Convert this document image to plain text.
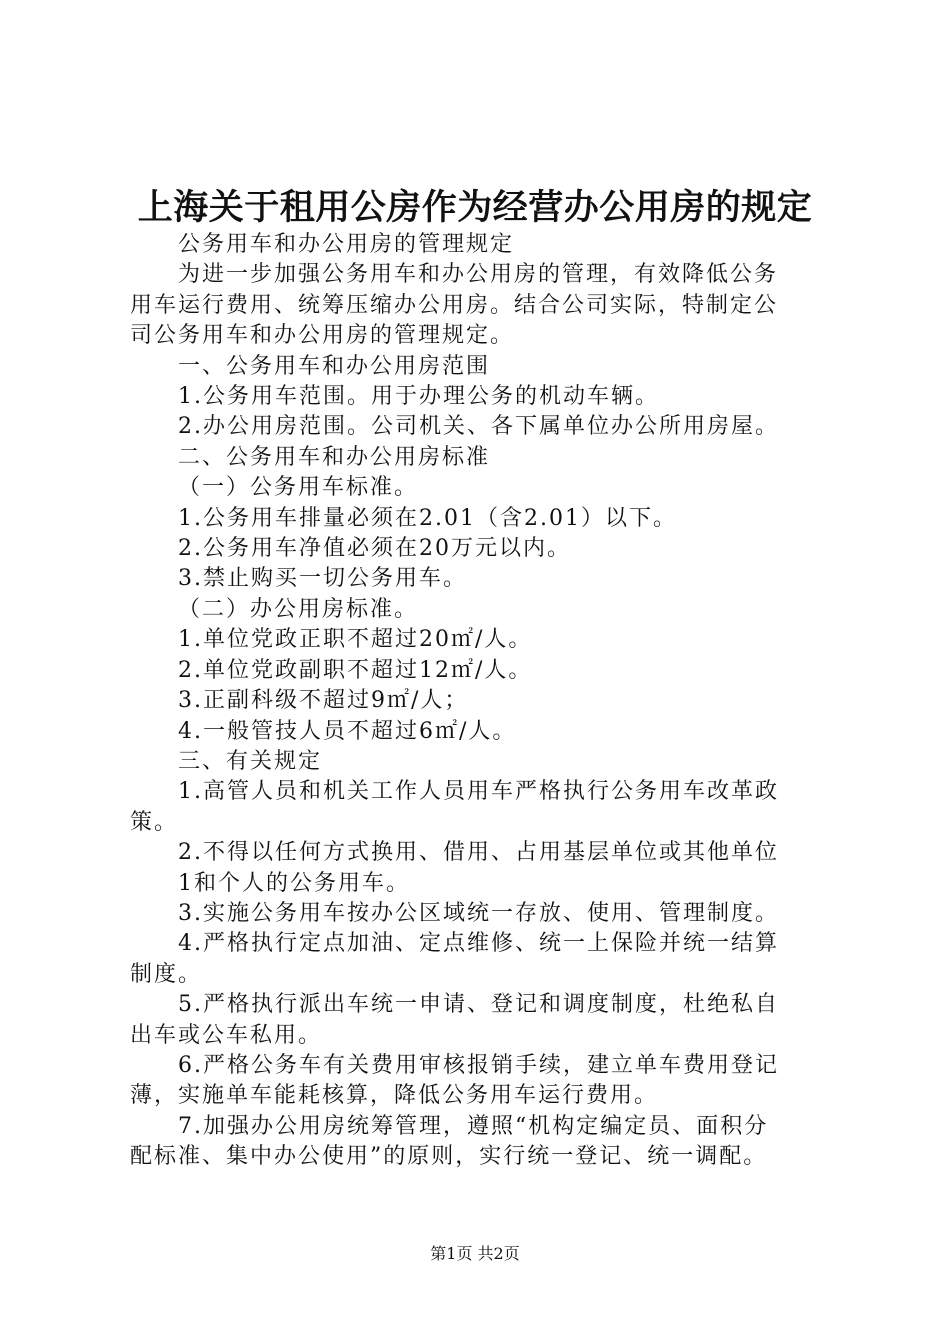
上海关于租用公房作为经营办公用房的规定

公务用车和办公用房的管理规定

为进一步加强公务用车和办公用房的管理，有效降低公务

用车运行费用、统筹压缩办公用房。结合公司实际，特制定公

司公务用车和办公用房的管理规定。

一、公务用车和办公用房范围

1.公务用车范围。用于办理公务的机动车辆。

2.办公用房范围。公司机关、各下属单位办公所用房屋。

二、公务用车和办公用房标准

（一）公务用车标准。

1.公务用车排量必须在2.01（含2.01）以下。

2.公务用车净值必须在20万元以内。

3.禁止购买一切公务用车。

（二）办公用房标准。

1.单位党政正职不超过20㎡/人。

2.单位党政副职不超过12㎡/人。

3.正副科级不超过9㎡/人；

4.一般管技人员不超过6㎡/人。

三、有关规定

1.高管人员和机关工作人员用车严格执行公务用车改革政

策。

2.不得以任何方式换用、借用、占用基层单位或其他单位

1和个人的公务用车。

3.实施公务用车按办公区域统一存放、使用、管理制度。

4.严格执行定点加油、定点维修、统一上保险并统一结算

制度。

5.严格执行派出车统一申请、登记和调度制度，杜绝私自

出车或公车私用。

6.严格公务车有关费用审核报销手续，建立单车费用登记

薄，实施单车能耗核算，降低公务用车运行费用。

7.加强办公用房统筹管理，遵照“机构定编定员、面积分

配标准、集中办公使用”的原则，实行统一登记、统一调配。

第1页 共2页
